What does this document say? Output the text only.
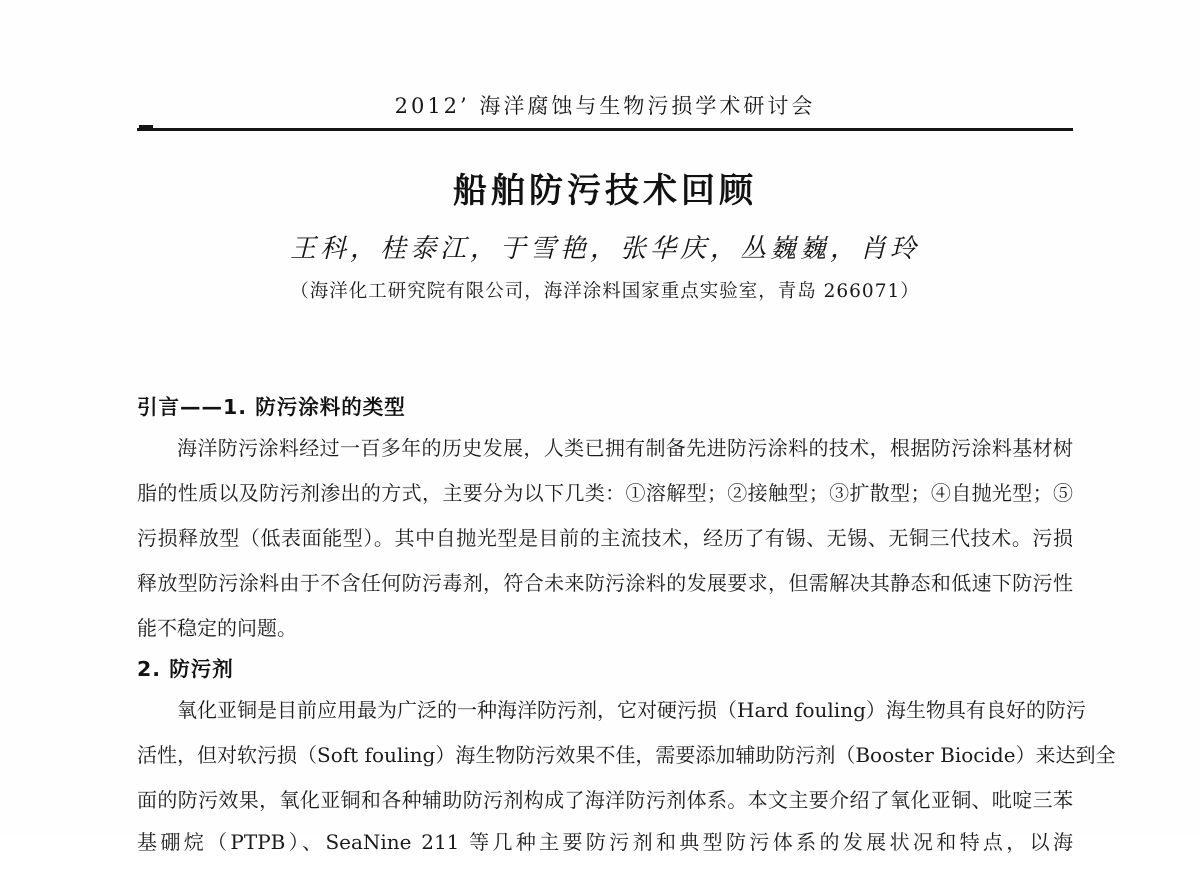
2012’ 海洋腐蚀与生物污损学术研讨会
船舶防污技术回顾
王科，桂泰江，于雪艳，张华庆，丛巍巍，肖玲
（海洋化工研究院有限公司，海洋涂料国家重点实验室，青岛 266071）
引言——1. 防污涂料的类型
海洋防污涂料经过一百多年的历史发展，人类已拥有制备先进防污涂料的技术，根据防污涂料基材树
脂的性质以及防污剂渗出的方式，主要分为以下几类：①溶解型；②接触型；③扩散型；④自抛光型；⑤
污损释放型（低表面能型）。其中自抛光型是目前的主流技术，经历了有锡、无锡、无铜三代技术。污损
释放型防污涂料由于不含任何防污毒剂，符合未来防污涂料的发展要求，但需解决其静态和低速下防污性
能不稳定的问题。
2. 防污剂
氧化亚铜是目前应用最为广泛的一种海洋防污剂，它对硬污损（Hard fouling）海生物具有良好的防污
活性，但对软污损（Soft fouling）海生物防污效果不佳，需要添加辅助防污剂（Booster Biocide）来达到全
面的防污效果，氧化亚铜和各种辅助防污剂构成了海洋防污剂体系。本文主要介绍了氧化亚铜、吡啶三苯
基硼烷（PTPB）、SeaNine 211 等几种主要防污剂和典型防污体系的发展状况和特点，以海
